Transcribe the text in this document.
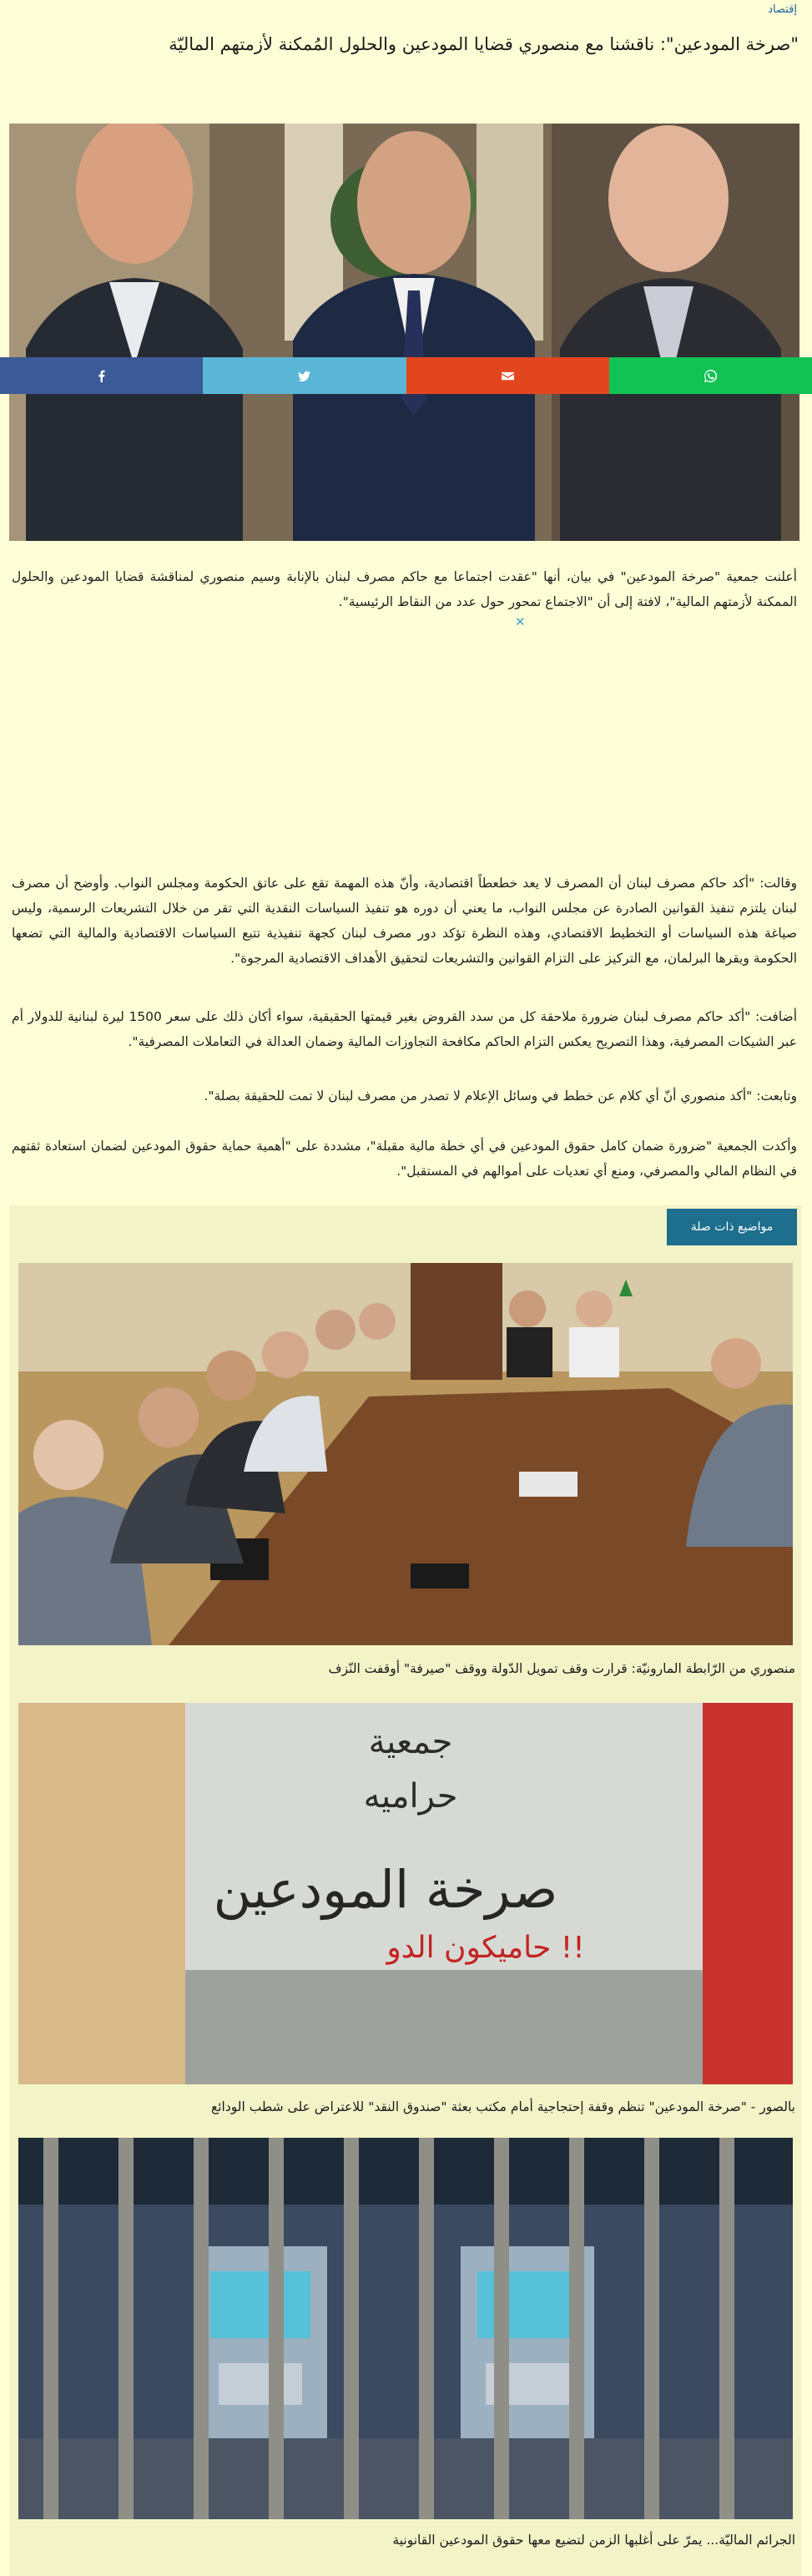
إقتصاد
"صرخة المودعين": ناقشنا مع منصوري قضايا المودعين والحلول المُمكنة لأزمتهم الماليّة

أعلنت جمعية "صرخة المودعين" في بيان، أنها "عقدت اجتماعا مع حاكم مصرف لبنان بالإنابة وسيم منصوري لمناقشة قضايا المودعين والحلول الممكنة لأزمتهم المالية"، لافتة إلى أن "الاجتماع تمحور حول عدد من النقاط الرئيسية".

✕

وقالت: "أكد حاكم مصرف لبنان أن المصرف لا يعد خطعطاً اقتصادية، وأنّ هذه المهمة تقع على عاتق الحكومة ومجلس النواب. وأوضح أن مصرف لبنان يلتزم تنفيذ القوانين الصادرة عن مجلس النواب، ما يعني أن دوره هو تنفيذ السياسات النقدية التي تقر من خلال التشريعات الرسمية، وليس صياغة هذه السياسات أو التخطيط الاقتصادي، وهذه النظرة تؤكد دور مصرف لبنان كجهة تنفيذية تتبع السياسات الاقتصادية والمالية التي تضعها الحكومة ويقرها البرلمان، مع التركيز على التزام القوانين والتشريعات لتحقيق الأهداف الاقتصادية المرجوة".

أضافت: "أكد حاكم مصرف لبنان ضرورة ملاحقة كل من سدد القروض بغير قيمتها الحقيقية، سواء أكان ذلك على سعر 1500 ليرة لبنانية للدولار أم عبر الشيكات المصرفية، وهذا التصريح يعكس التزام الحاكم مكافحة التجاوزات المالية وضمان العدالة في التعاملات المصرفية".

وتابعت: "أكد منصوري أنّ أي كلام عن خطط في وسائل الإعلام لا تصدر من مصرف لبنان لا تمت للحقيقة بصلة".

وأكدت الجمعية "ضرورة ضمان كامل حقوق المودعين في أي خطة مالية مقبلة"، مشددة على "أهمية حماية حقوق المودعين لضمان استعادة ثقتهم في النظام المالي والمصرفي، ومنع أي تعديات على أموالهم في المستقبل".

مواضيع ذات صلة

منصوري من الرّابطة المارونيّة: قرارت وقف تمويل الدّولة ووقف "صيرفة" أوقفت النّزف

جمعية
حراميه
صرخة المودعين
!! حاميكون الدو

بالصور - "صرخة المودعين" تنظم وقفة إحتجاجية أمام مكتب بعثة "صندوق النقد" للاعتراض على شطب الودائع

الجرائم الماليّة... يمرّ على أغلبها الزمن لتضيع معها حقوق المودعين القانونية
